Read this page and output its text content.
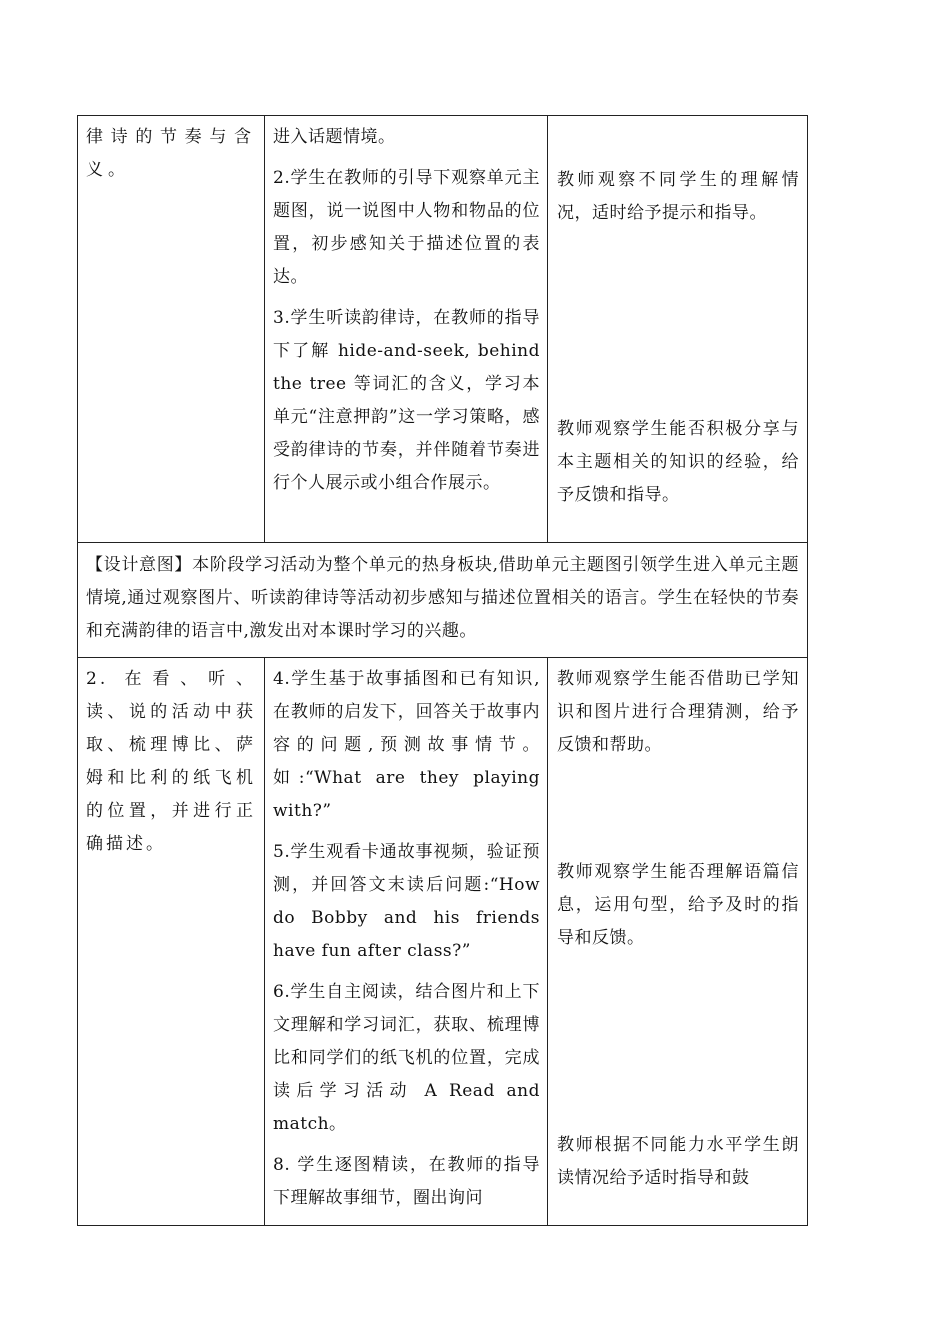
律诗的节奏与含义。

进入话题情境。

2.学生在教师的引导下观察单元主题图，说一说图中人物和物品的位置，初步感知关于描述位置的表达。

3.学生听读韵律诗，在教师的指导下了解 hide-and-seek, behind the tree 等词汇的含义，学习本单元“注意押韵”这一学习策略，感受韵律诗的节奏，并伴随着节奏进行个人展示或小组合作展示。

教师观察不同学生的理解情况，适时给予提示和指导。
教师观察学生能否积极分享与本主题相关的知识的经验，给予反馈和指导。
【设计意图】本阶段学习活动为整个单元的热身板块,借助单元主题图引领学生进入单元主题情境,通过观察图片、听读韵律诗等活动初步感知与描述位置相关的语言。学生在轻快的节奏和充满韵律的语言中,激发出对本课时学习的兴趣。
2. 在看、听、读、说的活动中获取、梳理博比、萨姆和比利的纸飞机的位置，并进行正确描述。

4.学生基于故事插图和已有知识,在教师的启发下，回答关于故事内容的问题,预测故事情节。如:“What are they playing with?”

5.学生观看卡通故事视频，验证预测，并回答文末读后问题:“How do Bobby and his friends have fun after class?”

6.学生自主阅读，结合图片和上下文理解和学习词汇，获取、梳理博比和同学们的纸飞机的位置，完成读后学习活动 A Read and match。

8. 学生逐图精读，在教师的指导下理解故事细节，圈出询问

教师观察学生能否借助已学知识和图片进行合理猜测，给予反馈和帮助。
教师观察学生能否理解语篇信息，运用句型，给予及时的指导和反馈。
教师根据不同能力水平学生朗读情况给予适时指导和鼓
